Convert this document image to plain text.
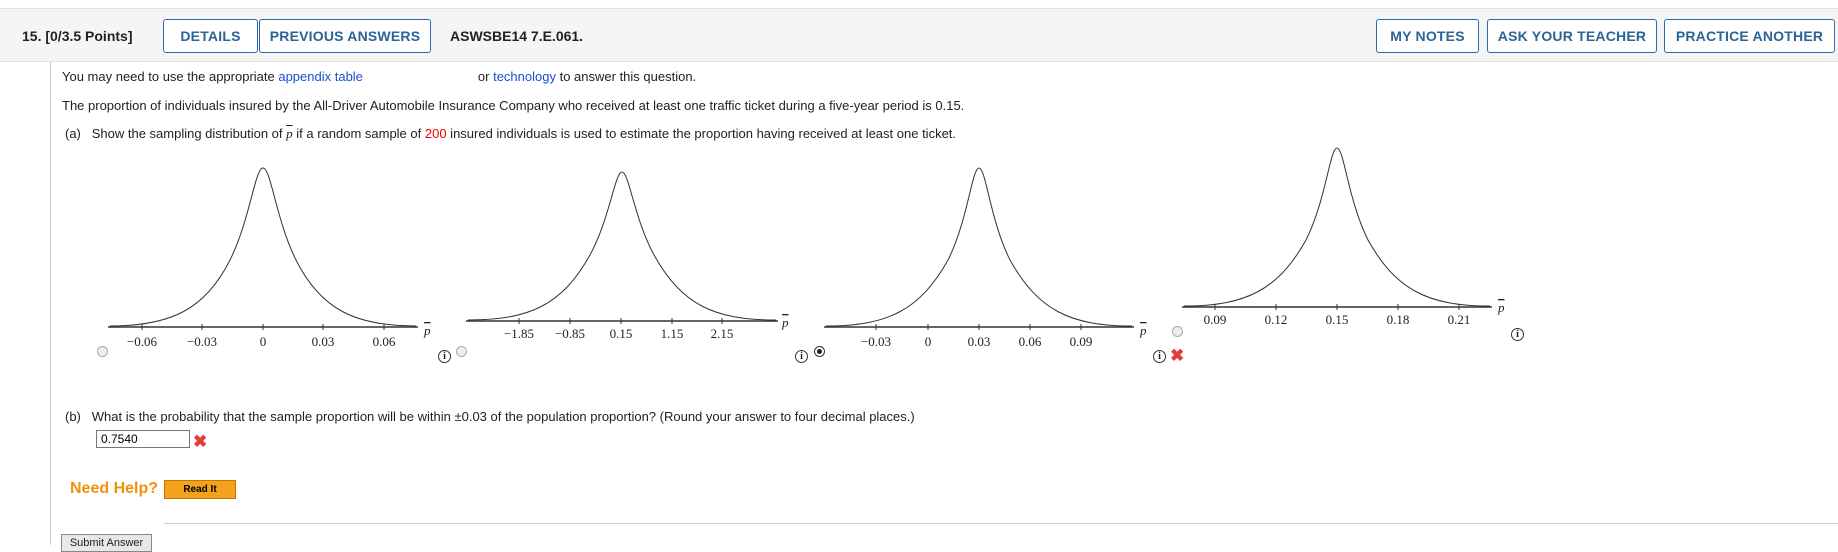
15. [0/3.5 Points]	DETAILS	PREVIOUS ANSWERS	ASWSBE14 7.E.061.	MY NOTES	ASK YOUR TEACHER	PRACTICE ANOTHER
You may need to use the appropriate appendix table	or technology to answer this question.
The proportion of individuals insured by the All-Driver Automobile Insurance Company who received at least one traffic ticket during a five-year period is 0.15.
(a) Show the sampling distribution of $\overline{p}$ if a random sample of 200 insured individuals is used to estimate the proportion having received at least one ticket.
−0.06 −0.03	0	0.03	0.06
p	−1.85 −0.85 0.15 1.15 2.15
p
−0.03	0	0.03 0.06 0.09
p
0.09	0.12	0.15	0.18	0.21
p
i	i	i ✖
i
(b) What is the probability that the sample proportion will be within ±0.03 of the population proportion? (Round your answer to four decimal places.)
0.7540
✖
Need Help?	Read It
Submit Answer
